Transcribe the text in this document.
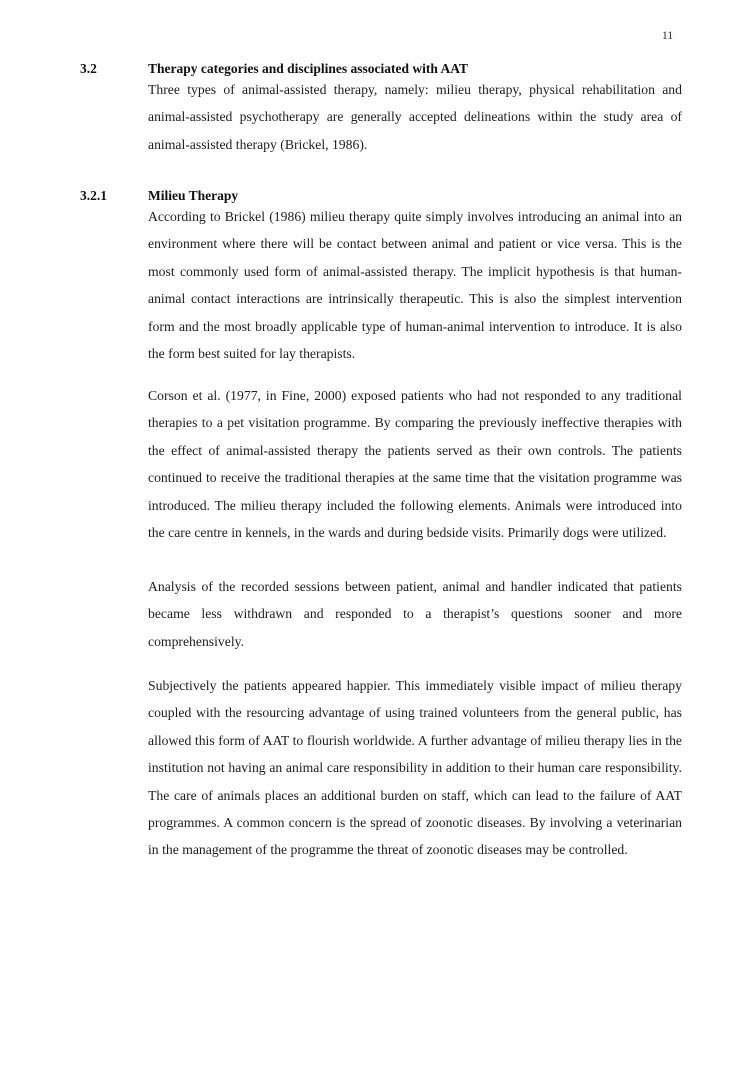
11
3.2	Therapy categories and disciplines associated with AAT

Three types of animal-assisted therapy, namely: milieu therapy, physical rehabilitation and animal-assisted psychotherapy are generally accepted delineations within the study area of animal-assisted therapy (Brickel, 1986).

3.2.1	Milieu Therapy

According to Brickel (1986) milieu therapy quite simply involves introducing an animal into an environment where there will be contact between animal and patient or vice versa. This is the most commonly used form of animal-assisted therapy. The implicit hypothesis is that human-animal contact interactions are intrinsically therapeutic. This is also the simplest intervention form and the most broadly applicable type of human-animal intervention to introduce. It is also the form best suited for lay therapists.

Corson et al. (1977, in Fine, 2000) exposed patients who had not responded to any traditional therapies to a pet visitation programme. By comparing the previously ineffective therapies with the effect of animal-assisted therapy the patients served as their own controls. The patients continued to receive the traditional therapies at the same time that the visitation programme was introduced. The milieu therapy included the following elements. Animals were introduced into the care centre in kennels, in the wards and during bedside visits. Primarily dogs were utilized.

Analysis of the recorded sessions between patient, animal and handler indicated that patients became less withdrawn and responded to a therapist’s questions sooner and more comprehensively.

Subjectively the patients appeared happier. This immediately visible impact of milieu therapy coupled with the resourcing advantage of using trained volunteers from the general public, has allowed this form of AAT to flourish worldwide. A further advantage of milieu therapy lies in the institution not having an animal care responsibility in addition to their human care responsibility. The care of animals places an additional burden on staff, which can lead to the failure of AAT programmes. A common concern is the spread of zoonotic diseases. By involving a veterinarian in the management of the programme the threat of zoonotic diseases may be controlled.
